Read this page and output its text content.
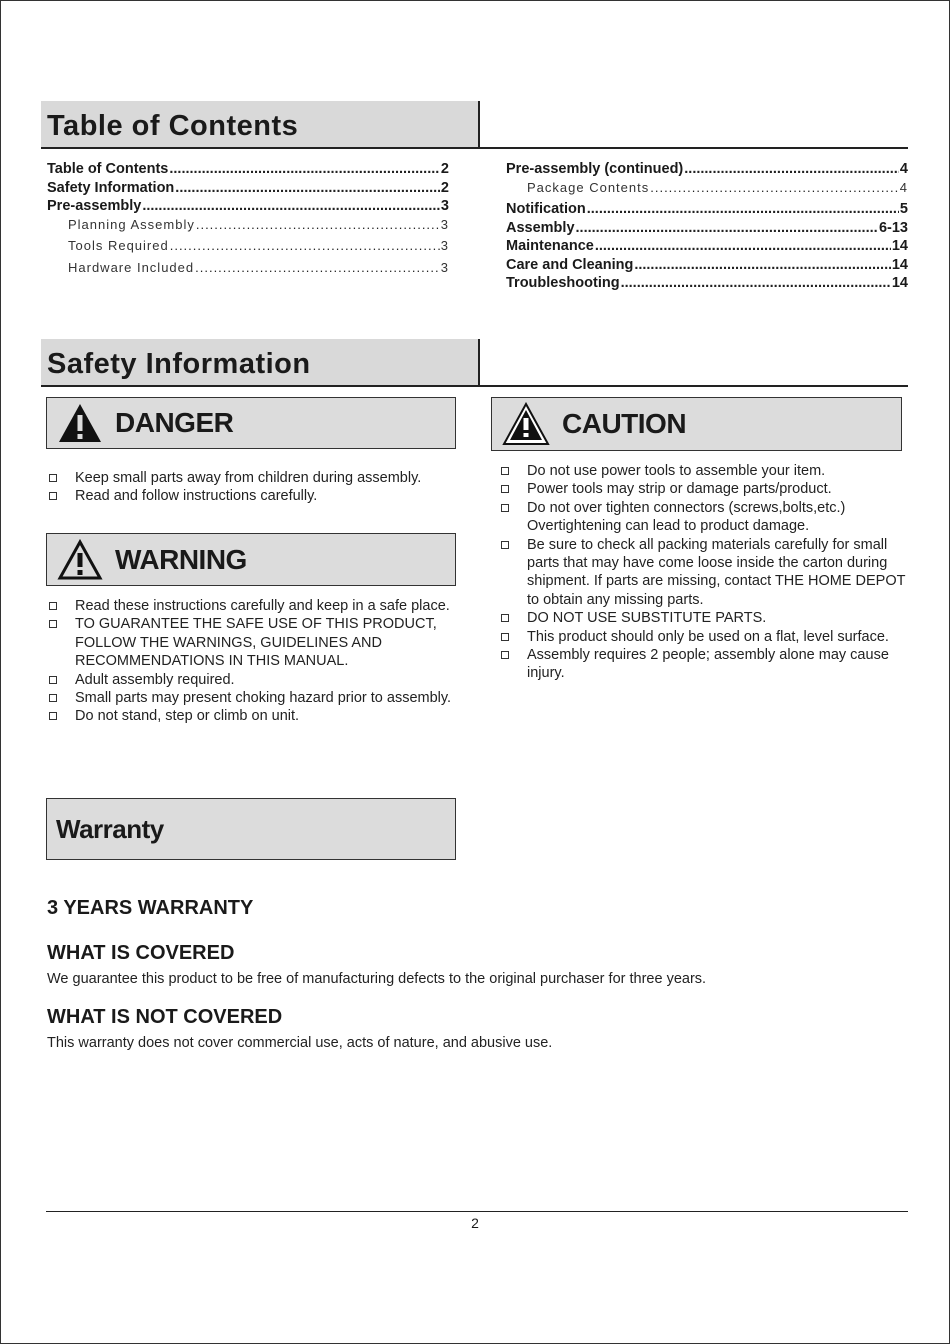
Table of Contents
Table of Contents .....	2
Safety Information .....	2
Pre-assembly .....	3
Planning Assembly .....	3
Tools Required .....	3
Hardware Included .....	3
Pre-assembly (continued) .....	4
Package Contents .....	4
Notification .....	5
Assembly .....	6-13
Maintenance .....	14
Care and Cleaning .....	14
Troubleshooting .....	14
Safety Information
DANGER
Keep small parts away from children during assembly.
Read and follow instructions carefully.
WARNING
Read these instructions carefully and keep in a safe place.
TO GUARANTEE THE SAFE USE OF THIS PRODUCT, FOLLOW THE WARNINGS, GUIDELINES AND RECOMMENDATIONS IN THIS MANUAL.
Adult assembly required.
Small parts may present choking hazard prior to assembly.
Do not stand, step or climb on unit.
CAUTION
Do not use power tools to assemble your item.
Power tools may strip or damage parts/product.
Do not over tighten connectors (screws,bolts,etc.) Overtightening can lead to product damage.
Be sure to check all packing materials carefully for small parts that may have come loose inside the carton during shipment. If parts are missing, contact THE HOME DEPOT to obtain any missing parts.
DO NOT USE SUBSTITUTE PARTS.
This product should only be used on a flat, level surface.
Assembly requires 2 people; assembly alone may cause injury.
Warranty
3 YEARS WARRANTY
WHAT IS COVERED
We guarantee this product to be free of manufacturing defects to the original purchaser for three years.
WHAT IS NOT COVERED
This warranty does not cover commercial use, acts of nature, and abusive use.
2
